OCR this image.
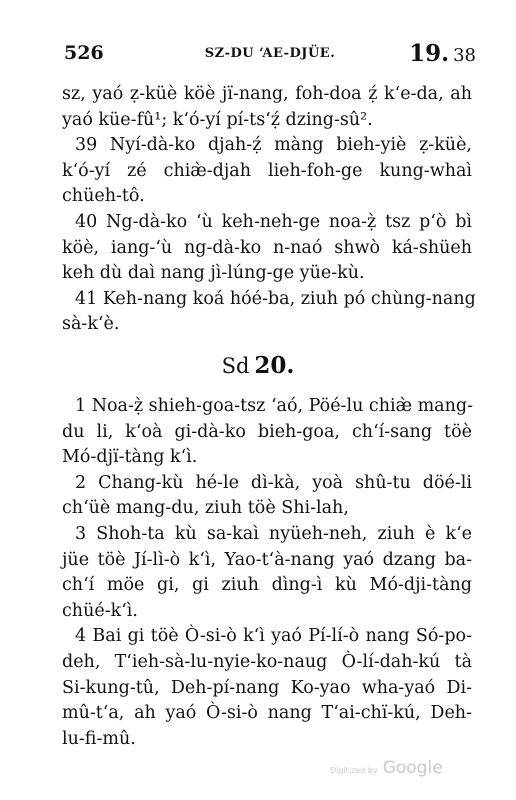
526	SZ-DU ‘AE-DJÜE.	19. 38
sz, yaó ẓ-küè köè jï-nang, foh-doa ẓ́ k‘e-da, ah
yaó küe-fû¹; k‘ó-yí pí-ts‘ẓ́ dzing-sû².
39 Nyí-dà-ko djah-ẓ́ màng bieh-yiè ẓ-küè,
k‘ó-yí zé chiæ̀-djah lieh-foh-ge kung-whaì
chüeh-tô.
40 Ng-dà-ko ‘ù keh-neh-ge noa-ẓ̀ tsz p‘ò bì
köè, iang-‘ù ng-dà-ko n-naó shwò ká-shüeh
keh dù daì nang jì-lúng-ge yüe-kù.
41 Keh-nang koá hóé-ba, ziuh pó chùng-nang
sà-k‘è.
Sd 20.
1 Noa-ẓ̀ shieh-goa-tsz ‘aó, Pöé-lu chiæ̀ mang-
du li, k‘oà gi-dà-ko bieh-goa, ch‘í-sang töè
Mó-djï-tàng k‘ì.
2 Chang-kù hé-le dì-kà, yoà shû-tu döé-li
ch‘üè mang-du, ziuh töè Shi-lah,
3 Shoh-ta kù sa-kaì nyüeh-neh, ziuh è k‘e
jüe töè Jí-lì-ò k‘ì, Yao-t‘à-nang yaó dzang ba-
ch‘í möe gi, gi ziuh dìng-ì kù Mó-dji-tàng
chüé-k‘ì.
4 Bai gi töè Ò-si-ò k‘ì yaó Pí-lí-ò nang Só-po-
deh, T‘ieh-sà-lu-nyie-ko-naug Ò-lí-dah-kú tà
Si-kung-tû, Deh-pí-nang Ko-yao wha-yaó Di-
mû-t‘a, ah yaó Ò-si-ò nang T‘ai-chï-kú, Deh-
lu-fi-mû.
Digitized by Google
